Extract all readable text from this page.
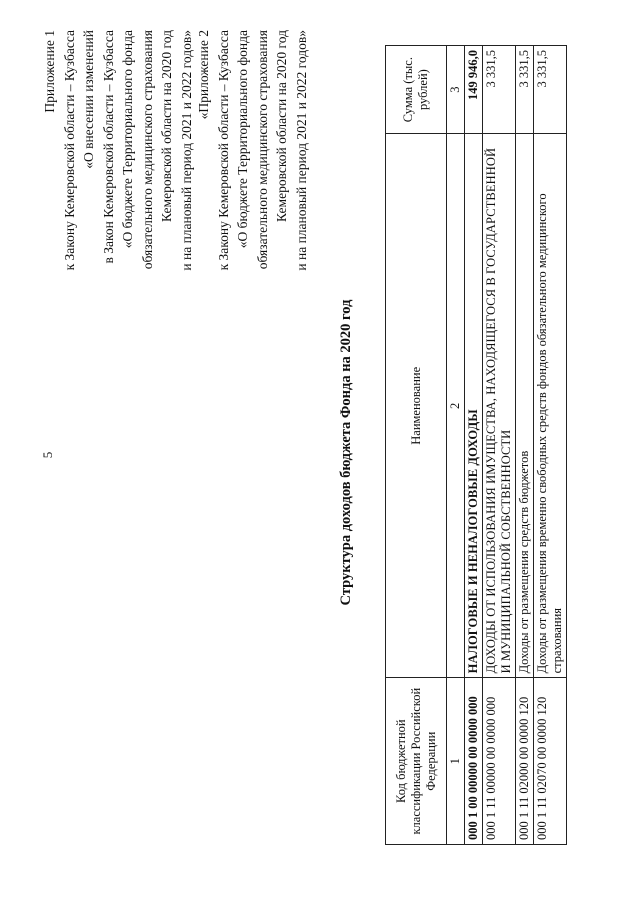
5
Приложение 1 к Закону Кемеровской области – Кузбасса «О внесении изменений в Закон Кемеровской области – Кузбасса «О бюджете Территориального фонда обязательного медицинского страхования Кемеровской области на 2020 год и на плановый период 2021 и 2022 годов» «Приложение 2 к Закону Кемеровской области – Кузбасса «О бюджете Территориального фонда обязательного медицинского страхования Кемеровской области на 2020 год и на плановый период 2021 и 2022 годов»
Структура доходов бюджета Фонда на 2020 год
Код бюджетной классификации Российской Федерации	Наименование	Сумма (тыс. рублей)
1	2	3
000 1 00 00000 00 0000 000	НАЛОГОВЫЕ И НЕНАЛОГОВЫЕ ДОХОДЫ	149 946,0
000 1 11 00000 00 0000 000	ДОХОДЫ ОТ ИСПОЛЬЗОВАНИЯ ИМУЩЕСТВА, НАХОДЯЩЕГОСЯ В ГОСУДАРСТВЕННОЙ И МУНИЦИПАЛЬНОЙ СОБСТВЕННОСТИ	3 331,5
000 1 11 02000 00 0000 120	Доходы от размещения средств бюджетов	3 331,5
000 1 11 02070 00 0000 120	Доходы от размещения временно свободных средств фондов обязательного медицинского страхования	3 331,5
